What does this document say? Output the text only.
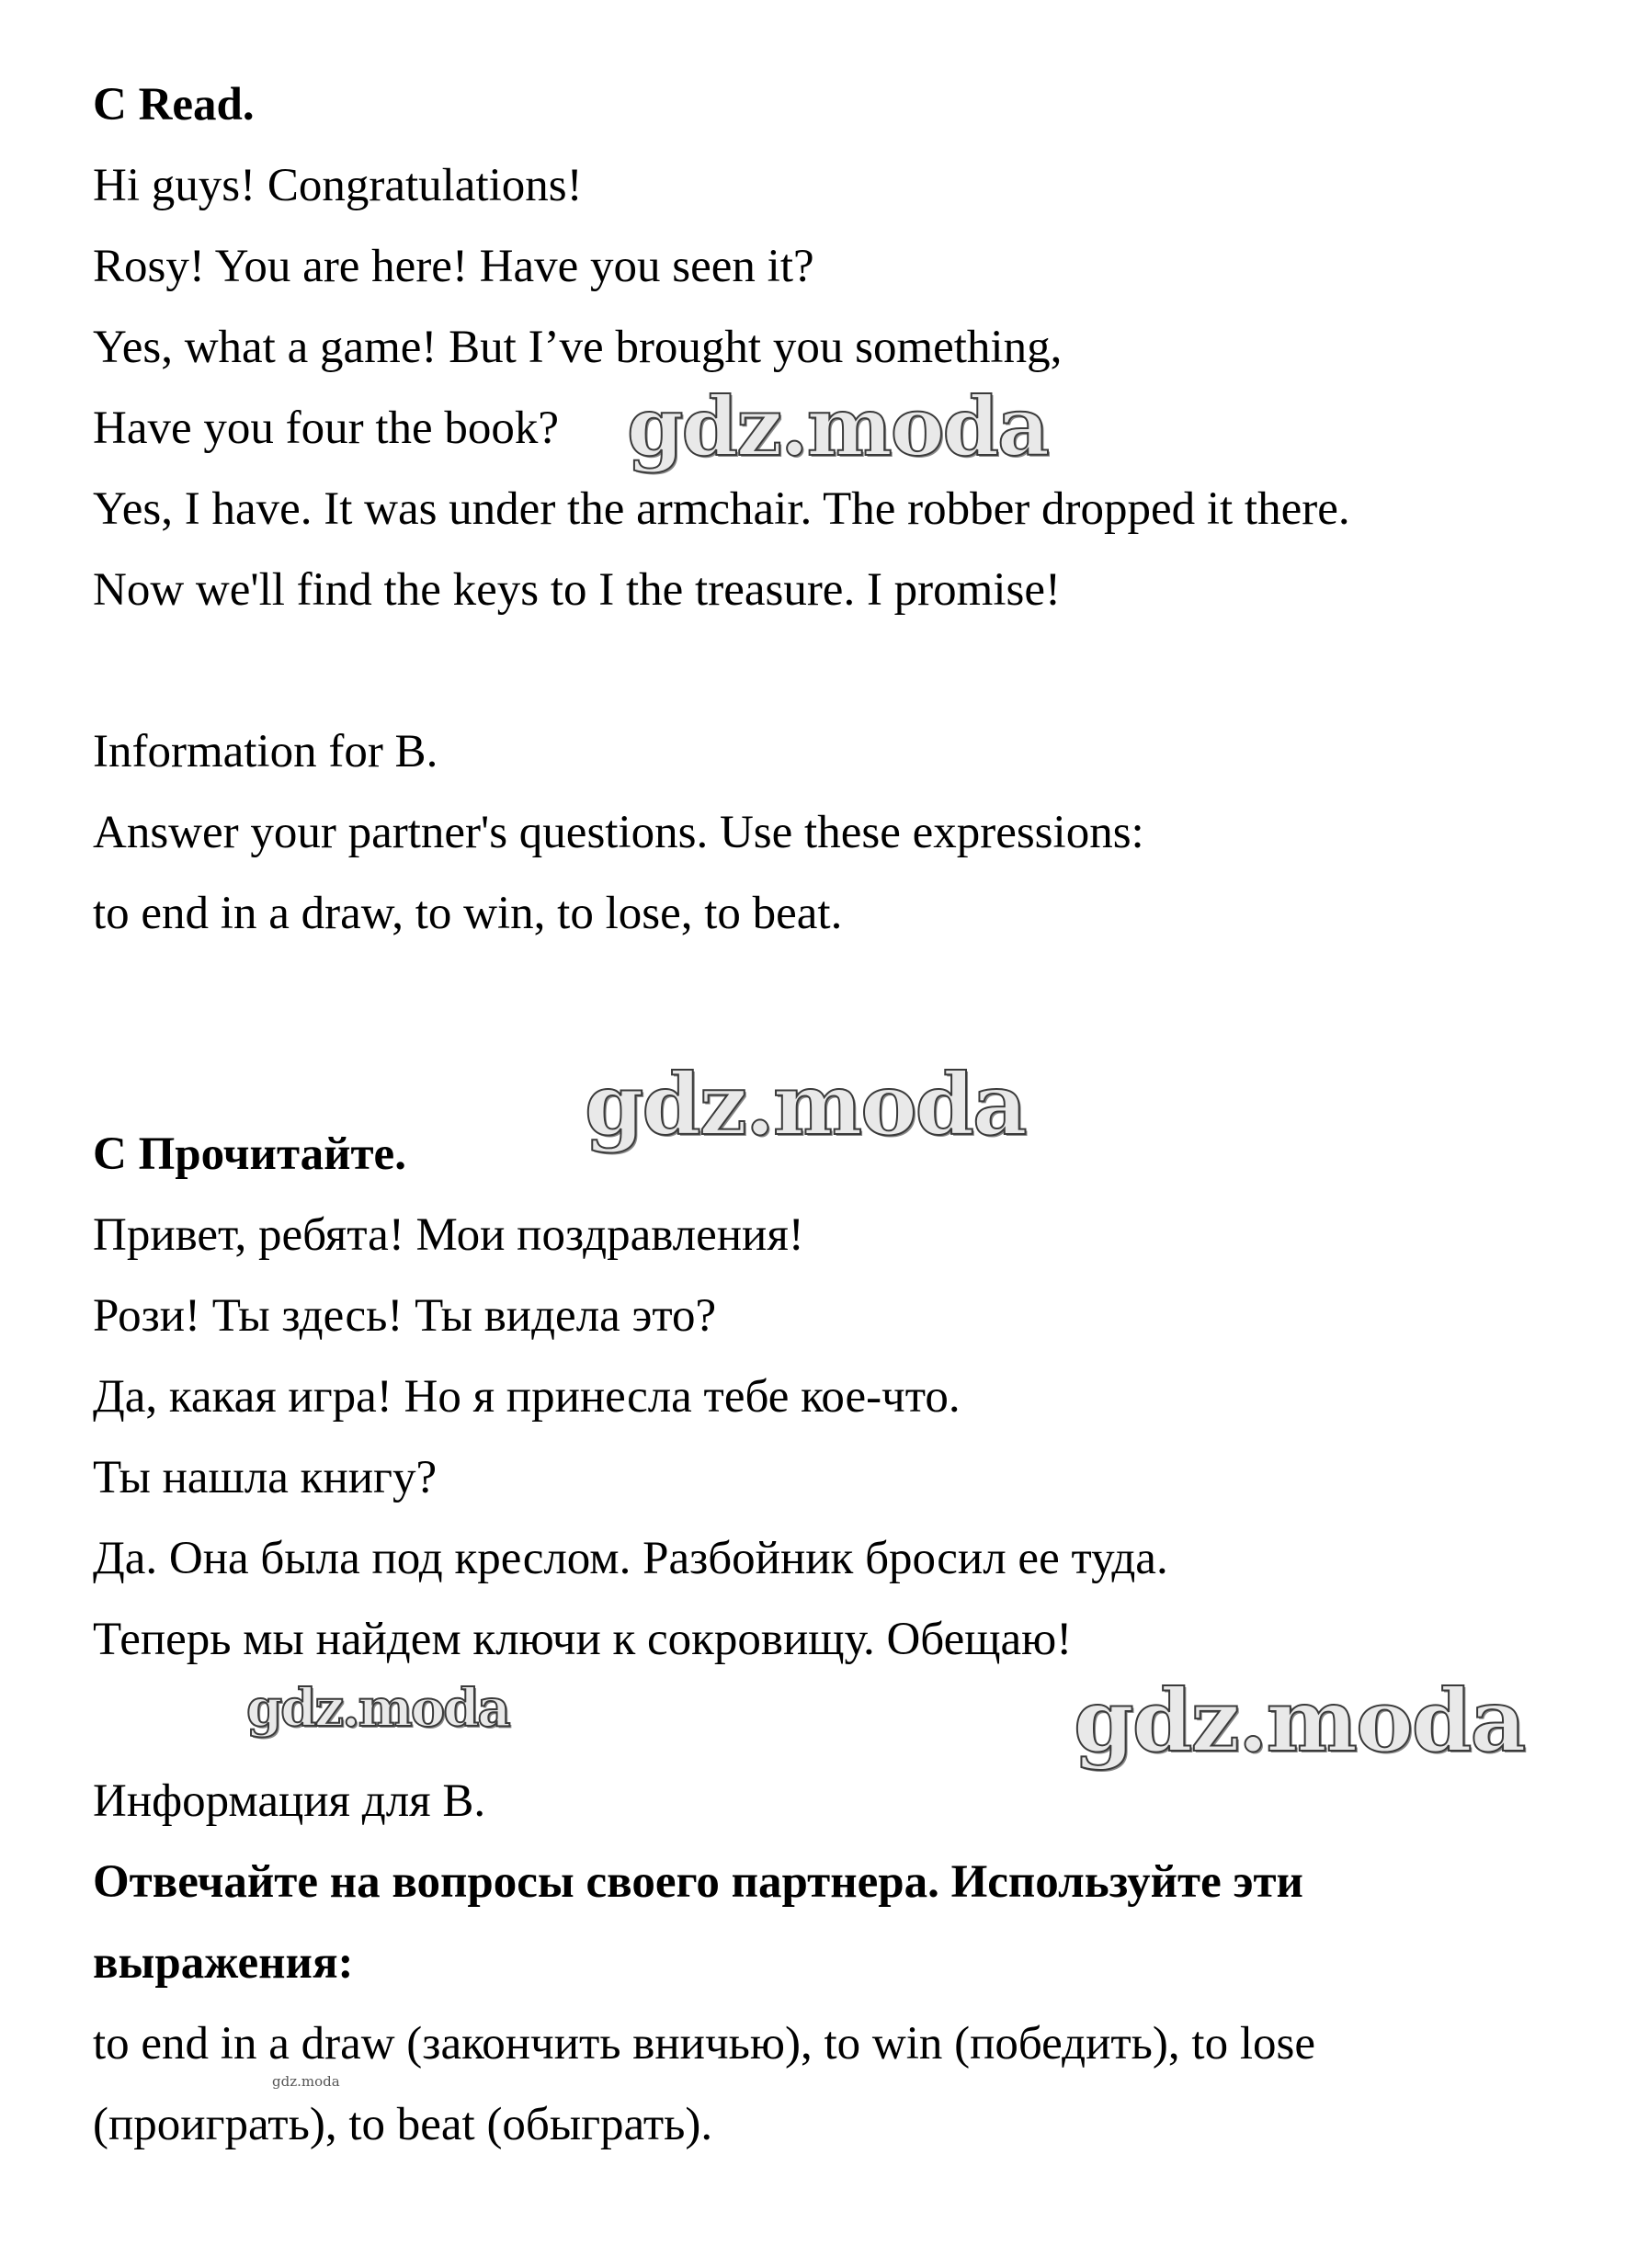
C Read.
Hi guys! Congratulations!
Rosy! You are here! Have you seen it?
Yes, what a game! But I’ve brought you something,
Have you four the book?
Yes, I have. It was under the armchair. The robber dropped it there.
Now we'll find the keys to I the treasure. I promise!
Information for B.
Answer your partner's questions. Use these expressions:
to end in a draw, to win, to lose, to beat.
С Прочитайте.
Привет, ребята! Мои поздравления!
Рози! Ты здесь! Ты видела это?
Да, какая игра! Но я принесла тебе кое-что.
Ты нашла книгу?
Да. Она была под креслом. Разбойник бросил ее туда.
Теперь мы найдем ключи к сокровищу. Обещаю!
Информация для В.
Отвечайте на вопросы своего партнера. Используйте эти
выражения:
to end in a draw (закончить вничью), to win (победить), to lose
(проиграть), to beat (обыграть).
gdz.moda
gdz.moda
gdz.moda	gdz.moda
gdz.moda
